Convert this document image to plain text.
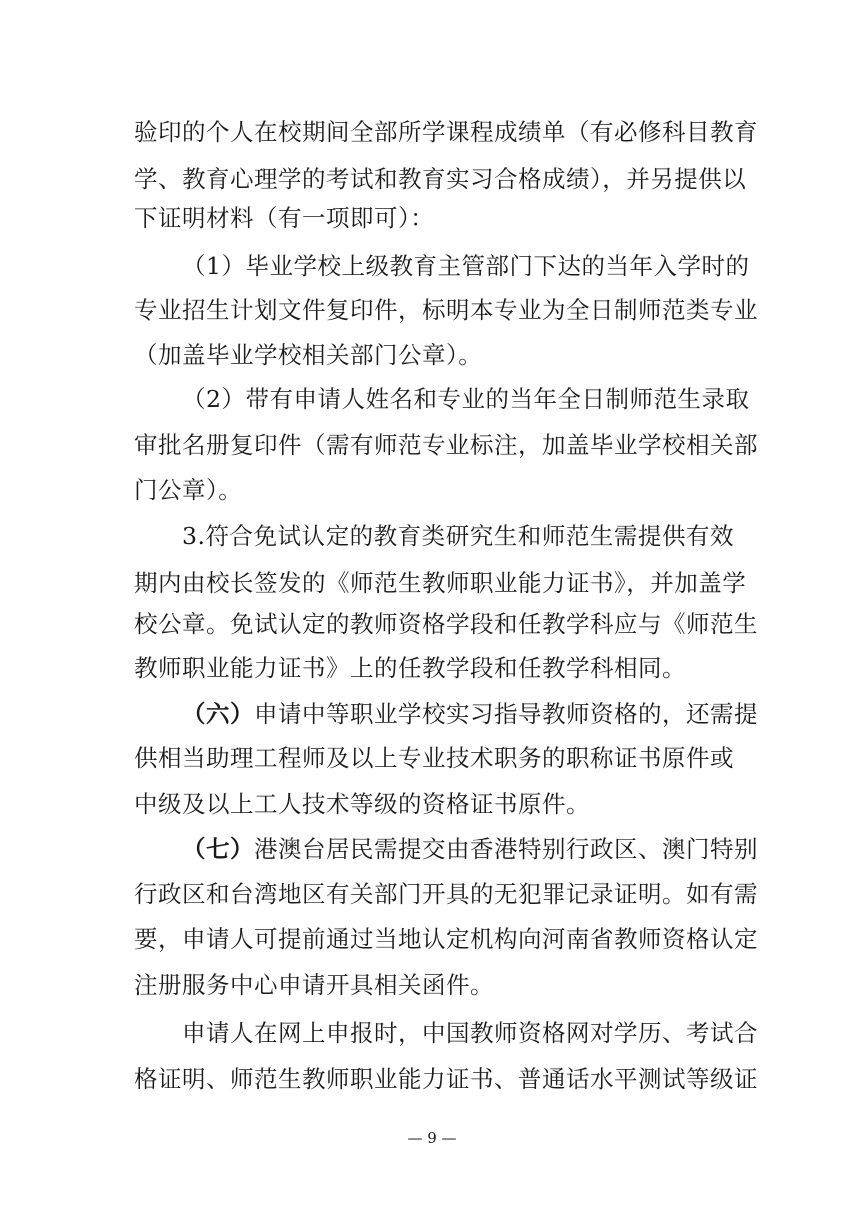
验印的个人在校期间全部所学课程成绩单（有必修科目教育
学、教育心理学的考试和教育实习合格成绩），并另提供以
下证明材料（有一项即可）：
（1）毕业学校上级教育主管部门下达的当年入学时的
专业招生计划文件复印件，标明本专业为全日制师范类专业
（加盖毕业学校相关部门公章）。
（2）带有申请人姓名和专业的当年全日制师范生录取
审批名册复印件（需有师范专业标注，加盖毕业学校相关部
门公章）。
3.符合免试认定的教育类研究生和师范生需提供有效
期内由校长签发的《师范生教师职业能力证书》，并加盖学
校公章。免试认定的教师资格学段和任教学科应与《师范生
教师职业能力证书》上的任教学段和任教学科相同。
（六）申请中等职业学校实习指导教师资格的，还需提
供相当助理工程师及以上专业技术职务的职称证书原件或
中级及以上工人技术等级的资格证书原件。
（七）港澳台居民需提交由香港特别行政区、澳门特别
行政区和台湾地区有关部门开具的无犯罪记录证明。如有需
要，申请人可提前通过当地认定机构向河南省教师资格认定
注册服务中心申请开具相关函件。
申请人在网上申报时，中国教师资格网对学历、考试合
格证明、师范生教师职业能力证书、普通话水平测试等级证
— 9 —
